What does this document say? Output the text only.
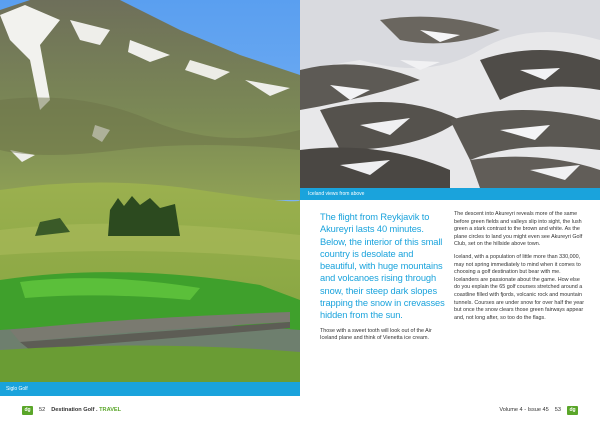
Siglo Golf
Iceland views from above

The flight from Reykjavik to Akureyri lasts 40 minutes. Below, the interior of this small country is desolate and beautiful, with huge mountains and volcanoes rising through snow, their steep dark slopes trapping the snow in crevasses hidden from the sun.

Those with a sweet tooth will look out of the Air Iceland plane and think of Vienetta ice cream.

The descent into Akureyri reveals more of the same before green fields and valleys slip into sight, the lush green a stark contrast to the brown and white. As the plane circles to land you might even see Akureyri Golf Club, set on the hillside above town.

Iceland, with a population of little more than 330,000, may not spring immediately to mind when it comes to choosing a golf destination but bear with me. Icelanders are passionate about the game. How else do you explain the 65 golf courses stretched around a coastline filled with fjords, volcanic rock and mountain tunnels. Courses are under snow for over half the year but once the snow clears those green fairways appear and, not long after, so too do the flags.

dg	52 Destination Golf . TRAVEL	Volume 4 - Issue 45 53	dg
